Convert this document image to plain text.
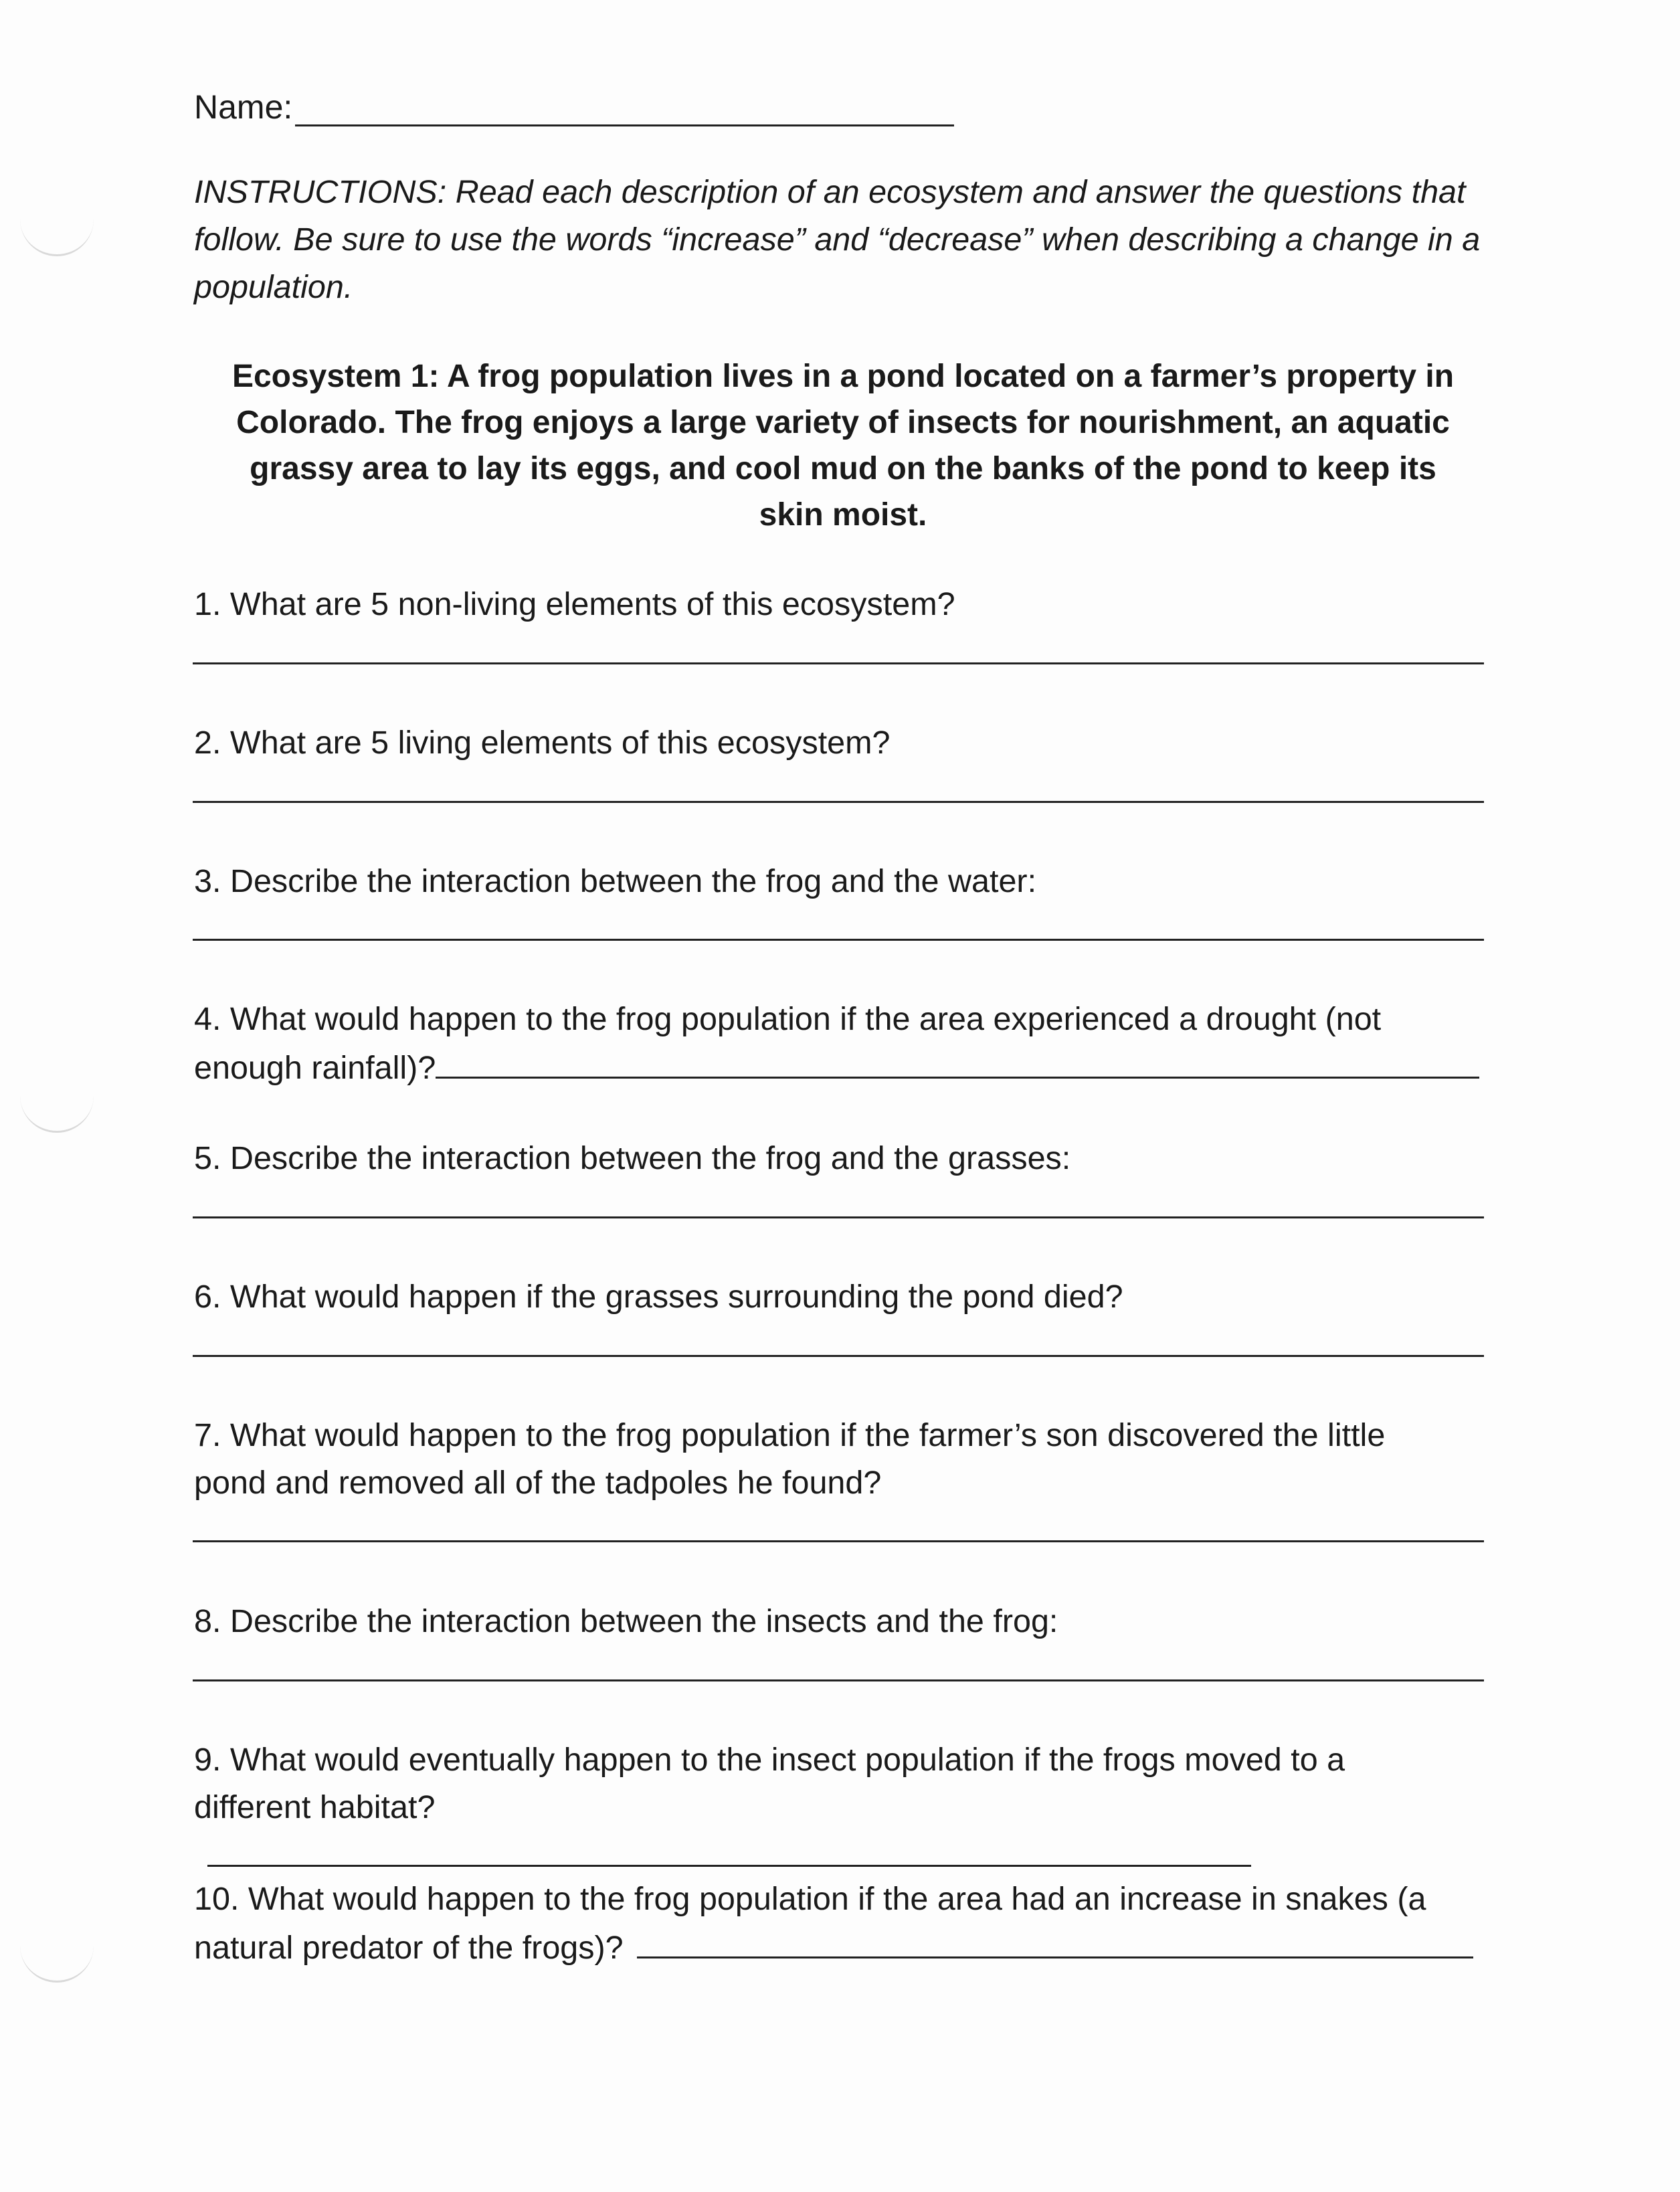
Name:
INSTRUCTIONS: Read each description of an ecosystem and answer the questions that follow. Be sure to use the words “increase” and “decrease” when describing a change in a population.
Ecosystem 1: A frog population lives in a pond located on a farmer’s property in
Colorado. The frog enjoys a large variety of insects for nourishment, an aquatic
grassy area to lay its eggs, and cool mud on the banks of the pond to keep its
skin moist.
1. What are 5 non-living elements of this ecosystem?
2. What are 5 living elements of this ecosystem?
3. Describe the interaction between the frog and the water:
4. What would happen to the frog population if the area experienced a drought (not
enough rainfall)?
5. Describe the interaction between the frog and the grasses:
6. What would happen if the grasses surrounding the pond died?
7. What would happen to the frog population if the farmer’s son discovered the little
pond and removed all of the tadpoles he found?
8. Describe the interaction between the insects and the frog:
9. What would eventually happen to the insect population if the frogs moved to a
different habitat?
10. What would happen to the frog population if the area had an increase in snakes (a
natural predator of the frogs)?
